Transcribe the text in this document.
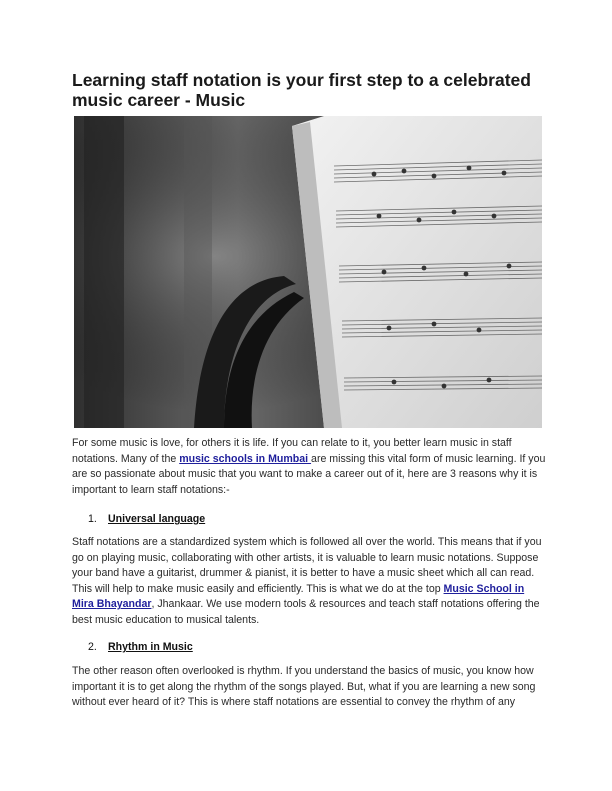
Learning staff notation is your first step to a celebrated music career - Music

For some music is love, for others it is life. If you can relate to it, you better learn music in staff notations. Many of the music schools in Mumbai are missing this vital form of music learning. If you are so passionate about music that you want to make a career out of it, here are 3 reasons why it is important to learn staff notations:-

1. Universal language

Staff notations are a standardized system which is followed all over the world. This means that if you go on playing music, collaborating with other artists, it is valuable to learn music notations. Suppose your band have a guitarist, drummer & pianist, it is better to have a music sheet which all can read. This will help to make music easily and efficiently. This is what we do at the top Music School in Mira Bhayandar, Jhankaar. We use modern tools & resources and teach staff notations offering the best music education to musical talents.

2. Rhythm in Music

The other reason often overlooked is rhythm. If you understand the basics of music, you know how important it is to get along the rhythm of the songs played. But, what if you are learning a new song without ever heard of it? This is where staff notations are essential to convey the rhythm of any
